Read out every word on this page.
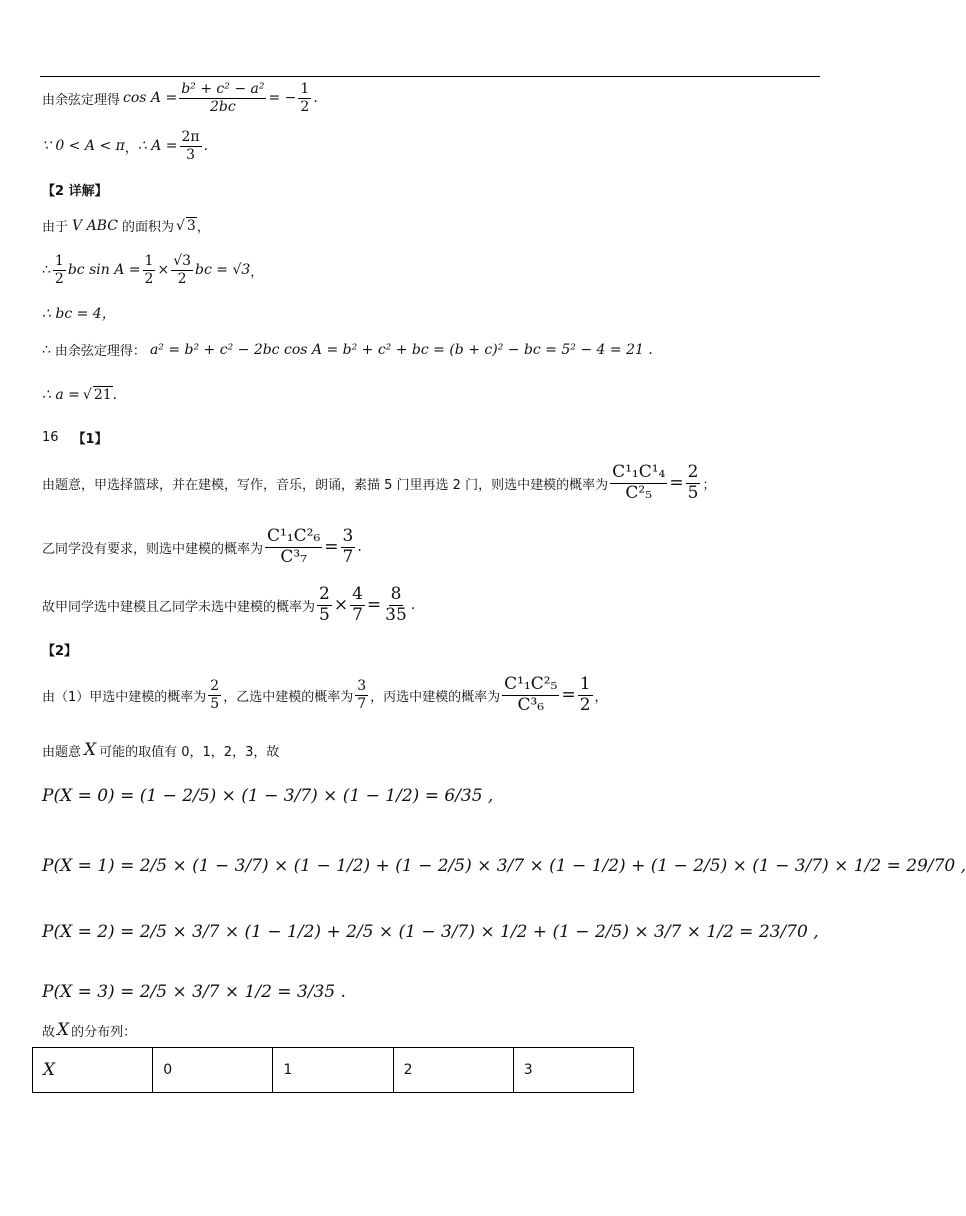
由余弦定理得 $\cos A = \frac{\text{b² + c² − a²}}{2bc}$ = − $\frac{1}{2}$ .
∵ 0 < A < π ， ∴ $A = \frac{2\pi}{3}$ .
【2 详解】
由于 V ABC 的面积为 √ 3 ，
∴ $\frac{1}{2}$ bc $\sin A = \frac{1}{2} \times \frac{√3}{2}$ bc = √3 ，
∴ bc = 4，
∴ 由余弦定理得： a² = b² + c² − 2bc cos A = b² + c² + bc = (b + c)² − bc = 5² − 4 = 21 .
∴ a = √ 21 .
16 【1】
由题意，甲选择篮球，并在建模，写作，音乐，朗诵，素描 5 门里再选 2 门，则选中建模的概率为 $\frac{\text{C¹₁C¹₄}}{\text{C²₅}} = \frac{2}{5}$ ；
乙同学没有要求，则选中建模的概率为 $\frac{\text{C¹₁C²₆}}{\text{C³₇}} = \frac{3}{7}$ .
故甲同学选中建模且乙同学未选中建模的概率为 $\frac{2}{5} \times \frac{4}{7} = \frac{8}{35}$ .
【2】
由（1）甲选中建模的概率为 $\frac{2}{5}$ ，乙选中建模的概率为 $\frac{3}{7}$ ，丙选中建模的概率为 $\frac{\text{C¹₁C²₅}}{\text{C³₆}} = \frac{1}{2}$ ，
由题意 X 可能的取值有 0，1，2，3，故
P(X = 0) = (1 − 2/5) × (1 − 3/7) × (1 − 1/2) = 6/35 ,
P(X = 1) = 2/5 × (1 − 3/7) × (1 − 1/2) + (1 − 2/5) × 3/7 × (1 − 1/2) + (1 − 2/5) × (1 − 3/7) × 1/2 = 29/70 ,
P(X = 2) = 2/5 × 3/7 × (1 − 1/2) + 2/5 × (1 − 3/7) × 1/2 + (1 − 2/5) × 3/7 × 1/2 = 23/70 ,
P(X = 3) = 2/5 × 3/7 × 1/2 = 3/35 .
故 X 的分布列：
X	0	1	2	3
